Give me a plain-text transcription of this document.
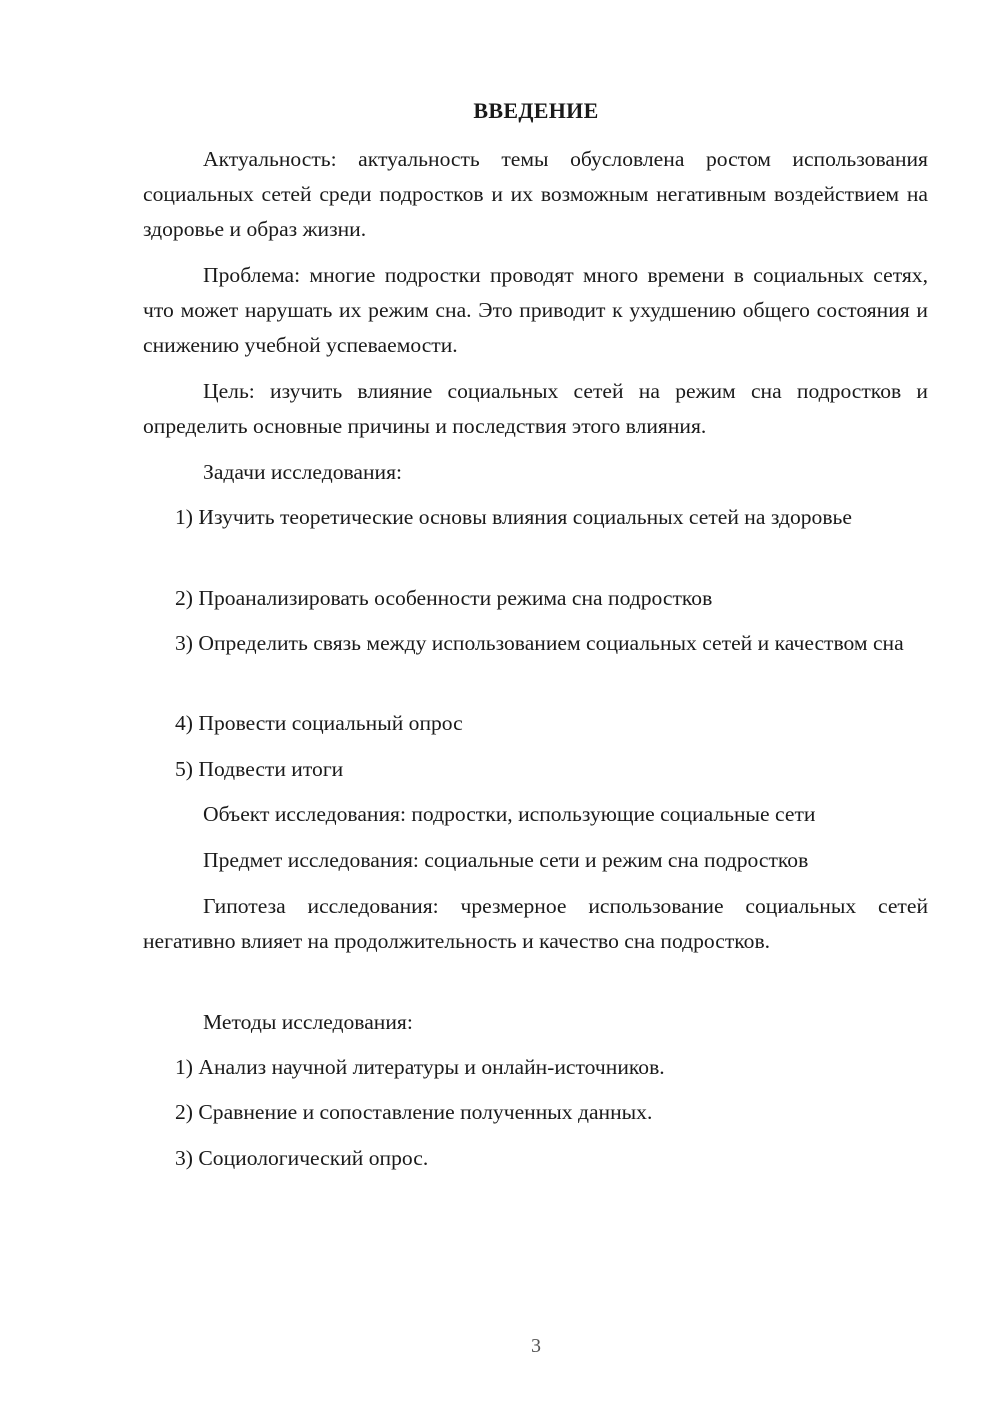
ВВЕДЕНИЕ

Актуальность: актуальность темы обусловлена ростом использования социальных сетей среди подростков и их возможным негативным воздействием на здоровье и образ жизни.

Проблема: многие подростки проводят много времени в социальных сетях, что может нарушать их режим сна. Это приводит к ухудшению общего состояния и снижению учебной успеваемости.

Цель: изучить влияние социальных сетей на режим сна подростков и определить основные причины и последствия этого влияния.

Задачи исследования:

1) Изучить теоретические основы влияния социальных сетей на здоровье

2) Проанализировать особенности режима сна подростков

3) Определить связь между использованием социальных сетей и качеством сна

4) Провести социальный опрос

5) Подвести итоги

Объект исследования: подростки, использующие социальные сети

Предмет исследования: социальные сети и режим сна подростков

Гипотеза исследования: чрезмерное использование социальных сетей негативно влияет на продолжительность и качество сна подростков.

Методы исследования:

1) Анализ научной литературы и онлайн-источников.

2) Сравнение и сопоставление полученных данных.

3) Социологический опрос.

3
